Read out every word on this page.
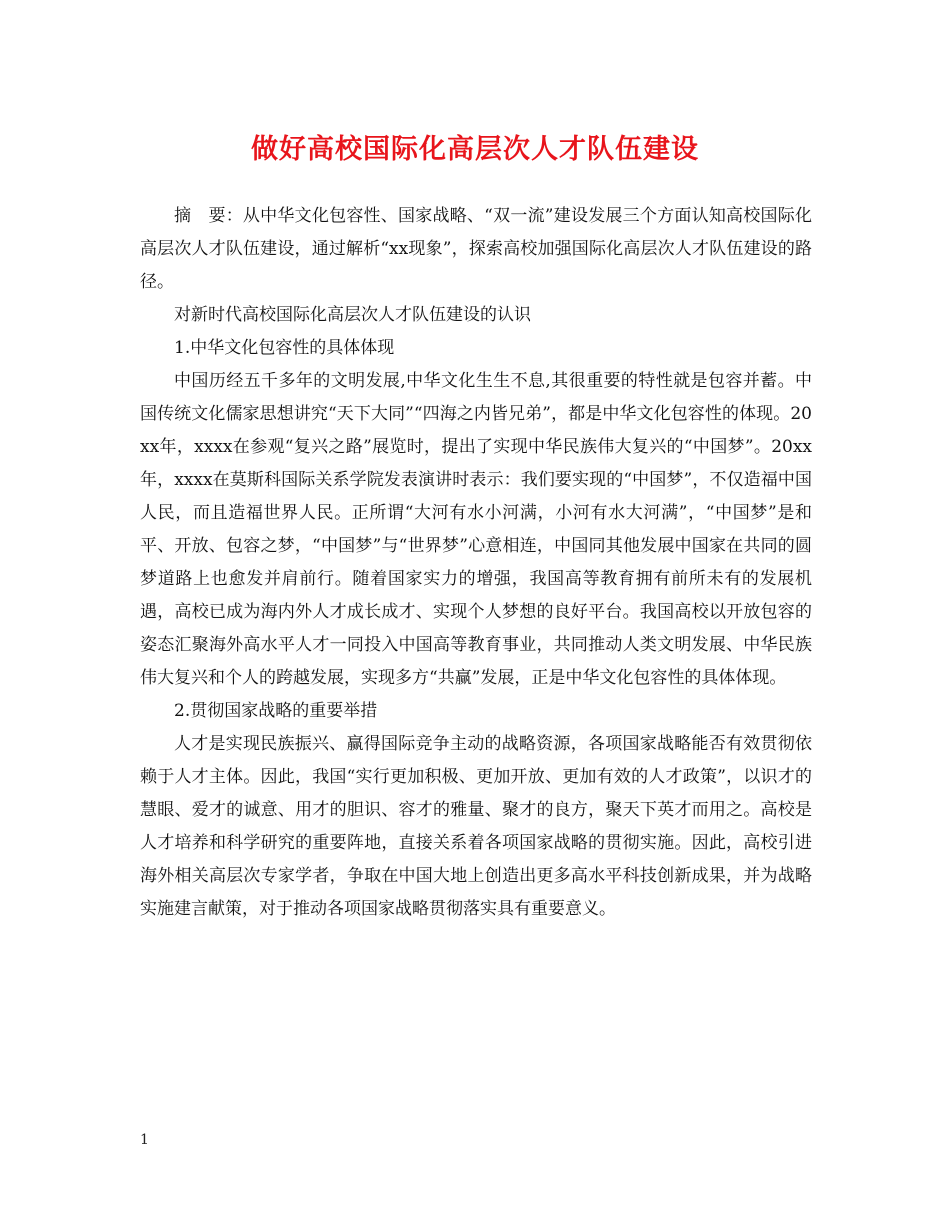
做好高校国际化高层次人才队伍建设

摘　要：从中华文化包容性、国家战略、“双一流”建设发展三个方面认知高校国际化高层次人才队伍建设，通过解析“xx现象”，探索高校加强国际化高层次人才队伍建设的路径。

对新时代高校国际化高层次人才队伍建设的认识

1.中华文化包容性的具体体现

中国历经五千多年的文明发展,中华文化生生不息,其很重要的特性就是包容并蓄。中国传统文化儒家思想讲究“天下大同”“四海之内皆兄弟”，都是中华文化包容性的体现。20xx年，xxxx在参观“复兴之路”展览时，提出了实现中华民族伟大复兴的“中国梦”。20xx年，xxxx在莫斯科国际关系学院发表演讲时表示：我们要实现的“中国梦”，不仅造福中国人民，而且造福世界人民。正所谓“大河有水小河满，小河有水大河满”，“中国梦”是和平、开放、包容之梦，“中国梦”与“世界梦”心意相连，中国同其他发展中国家在共同的圆梦道路上也愈发并肩前行。随着国家实力的增强，我国高等教育拥有前所未有的发展机遇，高校已成为海内外人才成长成才、实现个人梦想的良好平台。我国高校以开放包容的姿态汇聚海外高水平人才一同投入中国高等教育事业，共同推动人类文明发展、中华民族伟大复兴和个人的跨越发展，实现多方“共赢”发展，正是中华文化包容性的具体体现。

2.贯彻国家战略的重要举措

人才是实现民族振兴、赢得国际竞争主动的战略资源，各项国家战略能否有效贯彻依赖于人才主体。因此，我国“实行更加积极、更加开放、更加有效的人才政策”，以识才的慧眼、爱才的诚意、用才的胆识、容才的雅量、聚才的良方，聚天下英才而用之。高校是人才培养和科学研究的重要阵地，直接关系着各项国家战略的贯彻实施。因此，高校引进海外相关高层次专家学者，争取在中国大地上创造出更多高水平科技创新成果，并为战略实施建言献策，对于推动各项国家战略贯彻落实具有重要意义。

1
